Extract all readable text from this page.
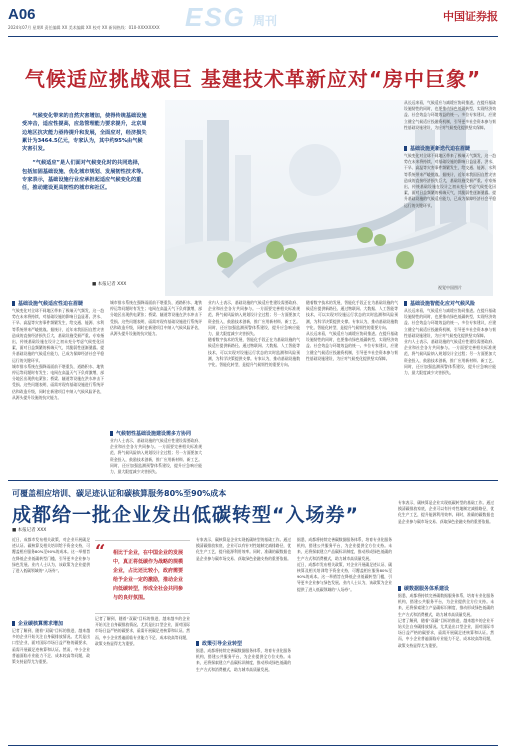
A06
2024年07月 星期X 责任编辑 XX 美术编辑 XX 校对 XX 新闻热线：010-XXXXXXXX ESG 周刊	中国证券报
气候适应挑战艰巨 基建技术革新应对“房中巨象”

气候变化带来的自然灾害增加，使得传统基础设施受冲击，适应性提高，应急管理能力要求提升，北京周边地区抗灾能力亟待提升和发展，全面应对，经济损失累计为3464.5亿元，专家认为，其中约95%由气候灾害引发。

“气候适应”是人们面对气候变化时的共同选择，包括加固基础设施、优化城市规划、发展韧性技术等。专家表示，基础设施行业应承担起适应气候变化的重任，推动建设更具韧性的城市和社区。

■ 本报记者 XXX
视觉中国图片
基础设施气候适应性迫在眉睫
气候变化对全球不同地区带来了极端天气频发，这一趋势在未来将持续，对基础设施的影响日益显著。洪水、干旱、高温等灾害事件频繁发生，给交通、能源、水利等系统带来严峻挑战。据统计，近年来我国因自然灾害造成的直接经济损失巨大，基础设施受损严重。专家指出，传统基础设施在设计之初未充分考虑气候变化因素，面对日益频繁的极端天气，其脆弱性逐渐暴露。提升基础设施的气候适应能力，已成为保障经济社会平稳运行的关键环节。
城市排水系统在强降雨面前不堪重负，道路积水、地铁停运等问题时有发生；电网在高温天气下负荷激增，部分地区出现供电紧张；桥梁、隧道等设施在洪水冲击下受损。这些问题表明，亟需对现有基础设施进行系统评估和改造升级，同时在新建项目中纳入气候风险评估，从源头提升设施的抗灾能力。
城市排水系统在强降雨面前不堪重负，道路积水、地铁停运等问题时有发生；电网在高温天气下负荷激增，部分地区出现供电紧张；桥梁、隧道等设施在洪水冲击下受损。这些问题表明，亟需对现有基础设施进行系统评估和改造升级，同时在新建项目中纳入气候风险评估，从源头提升设施的抗灾能力。
气候韧性基础设施建设需多方协同
业内人士表示，基础设施的气候适应性建设需要政府、企业和社会各方共同参与。一方面要完善相关标准规范，将气候风险纳入规划设计全过程；另一方面要加大资金投入，鼓励技术创新，推广应用新材料、新工艺。同时，还应加强监测预警体系建设，提升应急响应能力，最大限度减少灾害损失。
业内人士表示，基础设施的气候适应性建设需要政府、企业和社会各方共同参与。一方面要完善相关标准规范，将气候风险纳入规划设计全过程；另一方面要加大资金投入，鼓励技术创新，推广应用新材料、新工艺。同时，还应加强监测预警体系建设，提升应急响应能力，最大限度减少灾害损失。
随着数字技术的发展，智能化手段正在为基础设施的气候适应提供新路径。通过物联网、大数据、人工智能等技术，可以实现对设施运行状态的实时监测和风险预测，为科学决策提供支撑。专家认为，推动基础设施数字化、智能化转型，是提升气候韧性的重要方向。
随着数字技术的发展，智能化手段正在为基础设施的气候适应提供新路径。通过物联网、大数据、人工智能等技术，可以实现对设施运行状态的实时监测和风险预测，为科学决策提供支撑。专家认为，推动基础设施数字化、智能化转型，是提升气候韧性的重要方向。
从长远来看，气候适应与减缓应协同推进。在提升基础设施韧性的同时，也要推动绿色低碳转型，实现经济效益、社会效益与环境效益的统一。多位专家建议，应建立健全气候适应投融资机制，引导更多社会资本参与韧性基础设施建设，为应对气候变化提供坚实保障。
从长远来看，气候适应与减缓应协同推进。在提升基础设施韧性的同时，也要推动绿色低碳转型，实现经济效益、社会效益与环境效益的统一。多位专家建议，应建立健全气候适应投融资机制，引导更多社会资本参与韧性基础设施建设，为应对气候变化提供坚实保障。
基础设施更新迭代迫在眉睫
气候变化对全球不同地区带来了极端天气频发，这一趋势在未来将持续，对基础设施的影响日益显著。洪水、干旱、高温等灾害事件频繁发生，给交通、能源、水利等系统带来严峻挑战。据统计，近年来我国因自然灾害造成的直接经济损失巨大，基础设施受损严重。专家指出，传统基础设施在设计之初未充分考虑气候变化因素，面对日益频繁的极端天气，其脆弱性逐渐暴露。提升基础设施的气候适应能力，已成为保障经济社会平稳运行的关键环节。
基础设施智能化应对气候风险
从长远来看，气候适应与减缓应协同推进。在提升基础设施韧性的同时，也要推动绿色低碳转型，实现经济效益、社会效益与环境效益的统一。多位专家建议，应建立健全气候适应投融资机制，引导更多社会资本参与韧性基础设施建设，为应对气候变化提供坚实保障。
业内人士表示，基础设施的气候适应性建设需要政府、企业和社会各方共同参与。一方面要完善相关标准规范，将气候风险纳入规划设计全过程；另一方面要加大资金投入，鼓励技术创新，推广应用新材料、新工艺。同时，还应加强监测预警体系建设，提升应急响应能力，最大限度减少灾害损失。
可覆盖相应培训、碳足迹认证和碳核算服务80%至90%成本
成都给一批企业发出低碳转型“入场券”
■ 本报记者 XXX
近日，成都市发布相关政策，对企业开展碳足迹认证、碳核算及相关培训给予资金支持，可覆盖相应服务80%至90%的成本。这一举措旨在降低企业低碳转型门槛，引导更多企业参与绿色发展。业内人士认为，该政策为企业提供了进入低碳领域的“入场券”。
企业碳核算需求增加
记者了解到，随着“双碳”目标的推进，越来越多的企业开始关注自身碳排放情况。尤其是出口型企业，面对国际市场日益严格的碳要求，亟需开展碳足迹核算和认证。然而，中小企业普遍面临专业能力不足、成本较高等问题，政策支持显得尤为重要。
“ 相比于企业，在中国企业的发展中，真正将低碳作为战略的规模企业，占比还比较小，政府需要给予企业一定的激励，推动企业向低碳转型，形成全社会共同参与的良好氛围。
记者了解到，随着“双碳”目标的推进，越来越多的企业开始关注自身碳排放情况。尤其是出口型企业，面对国际市场日益严格的碳要求，亟需开展碳足迹核算和认证。然而，中小企业普遍面临专业能力不足、成本较高等问题，政策支持显得尤为重要。
专家表示，碳核算是企业实现低碳转型的基础工作。通过摸清碳排放家底，企业可以有针对性地制定减排路径，优化生产工艺，提升能源利用效率。同时，准确的碳数据也是企业参与碳市场交易、获取绿色金融支持的重要依据。
政策引导企业转型
据悉，成都将持续完善碳数据服务体系，培育专业化服务机构，搭建公共服务平台，为企业提供全方位支持。未来，还将探索建立产品碳标识制度，推动形成绿色低碳的生产方式和消费模式，助力城市高质量发展。
据悉，成都将持续完善碳数据服务体系，培育专业化服务机构，搭建公共服务平台，为企业提供全方位支持。未来，还将探索建立产品碳标识制度，推动形成绿色低碳的生产方式和消费模式，助力城市高质量发展。
近日，成都市发布相关政策，对企业开展碳足迹认证、碳核算及相关培训给予资金支持，可覆盖相应服务80%至90%的成本。这一举措旨在降低企业低碳转型门槛，引导更多企业参与绿色发展。业内人士认为，该政策为企业提供了进入低碳领域的“入场券”。
专家表示，碳核算是企业实现低碳转型的基础工作。通过摸清碳排放家底，企业可以有针对性地制定减排路径，优化生产工艺，提升能源利用效率。同时，准确的碳数据也是企业参与碳市场交易、获取绿色金融支持的重要依据。
碳数据服务体系建设
据悉，成都将持续完善碳数据服务体系，培育专业化服务机构，搭建公共服务平台，为企业提供全方位支持。未来，还将探索建立产品碳标识制度，推动形成绿色低碳的生产方式和消费模式，助力城市高质量发展。
记者了解到，随着“双碳”目标的推进，越来越多的企业开始关注自身碳排放情况。尤其是出口型企业，面对国际市场日益严格的碳要求，亟需开展碳足迹核算和认证。然而，中小企业普遍面临专业能力不足、成本较高等问题，政策支持显得尤为重要。
